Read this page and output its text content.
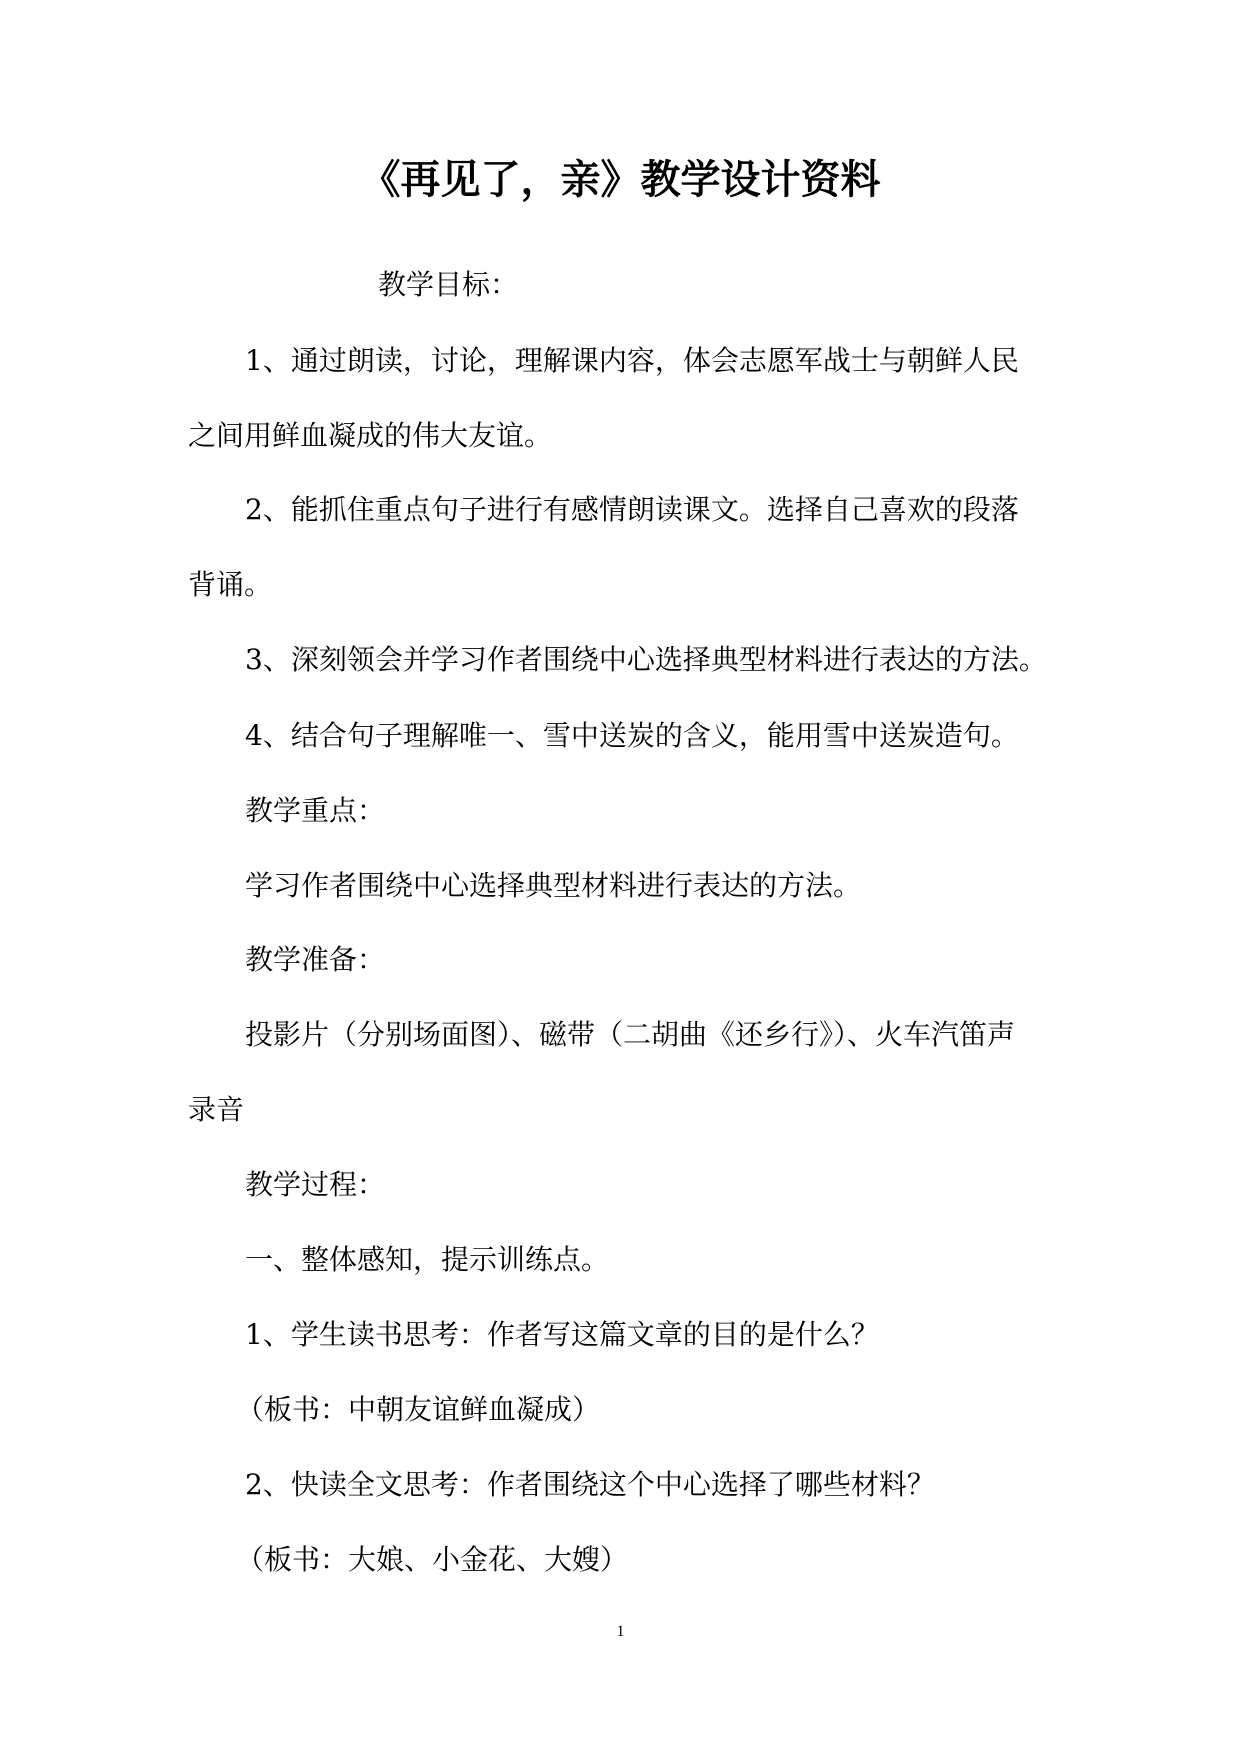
《再见了，亲》教学设计资料
教学目标：
1、通过朗读，讨论，理解课内容，体会志愿军战士与朝鲜人民
之间用鲜血凝成的伟大友谊。
2、能抓住重点句子进行有感情朗读课文。选择自己喜欢的段落
背诵。
3、深刻领会并学习作者围绕中心选择典型材料进行表达的方法。
4、结合句子理解唯一、雪中送炭的含义，能用雪中送炭造句。
教学重点：
学习作者围绕中心选择典型材料进行表达的方法。
教学准备：
投影片（分别场面图）、磁带（二胡曲《还乡行》）、火车汽笛声
录音
教学过程：
一、整体感知，提示训练点。
1、学生读书思考：作者写这篇文章的目的是什么？
（板书：中朝友谊鲜血凝成）
2、快读全文思考：作者围绕这个中心选择了哪些材料？
（板书：大娘、小金花、大嫂）
1
